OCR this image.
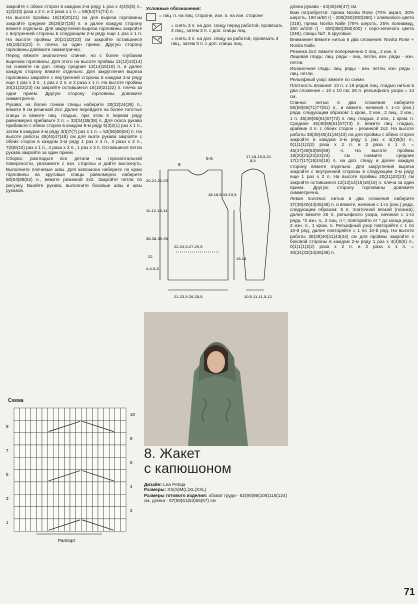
закройте с обеих сторон в каждом 2-м ряду 1 раз х 4(4)5(5) п., 1(2)2(3) раза х 2 п. и 3 раза х 1 п. = 59(64)71(74) п.

На высоте проймы 18(19)20(21) см для выреза горловины закройте средние 25(26)27(28) п. и далее каждую сторону вяжите отдельно. Для закругления выреза горловины закройте с внутренней стороны в следующем 2-м ряду еще 1 раз х 1 п. На высоте проймы 20(21)22(23) см закройте оставшиеся 16(18)21(22) п. плеча за один прием. Другую сторону горловины довяжите симметрично.

Перед вяжите аналогично спинке, но с более глубоким вырезом горловины. Для этого на высоте проймы 11(12)13(14) см снимите на доп. спицу средние 13(14)15(16) п. и далее каждую сторону вяжите отдельно. Для закругления выреза горловины закройте с внутренней стороны в каждом 2-м ряду еще 1 раз х 3 п., 1 раз х 2 п. и 2 раза х 1 п. На высоте проймы 20(21)22(23) см закройте оставшиеся 16(18)21(22) п. плеча за один прием. Другую сторону горловины довяжите симметрично.

Рукава: на более тонкие спицы наберите 30(32)34(36) п., вяжите 9 см резинкой 2х2. Далее перейдите на более толстые спицы и вяжите лиц. гладью, при этом в первом ряду равномерно прибавьте 2 п. = 32(34)36(38) п. Для скоса рукава прибавьте с обеих сторон в каждом 8-м ряду 5(3)2(1) раз х 1 п., затем в каждом 4-м ряду 3(5)7(7) раз х 1 п. = 52(56)60(64) п. На высоте работы 45(46)47(48) см для оката рукава закройте с обеих сторон в каждом 2-м ряду 1 раз х 4 п., 3 раза х 2 п., 7(8)9(10) раз х 1 п., 4 раза х 2 п., 1 раз х 3 п. Оставшиеся петли рукава закройте за один прием.

Сборка: разгладьте все детали на горизонтальной поверхности, увлажните с изн. стороны и дайте высохнуть. Выполните плечевые швы. Для капюшона наберите по краю горловины на круговые спицы равномерно наберите 80(84)88(92) п., вяжите резинкой 2х2. Закройте петли по рисунку. Вшейте рукава, выполните боковые швы и швы рукавов.

Условные обозначения:
= лиц. п. на лиц. стороне, изн. п. на изн. стороне
= снять 3 п. на доп. спицу перед работой, провязать 3 лиц., затем 3 п. с доп. спицы лиц.
= снять 3 п. на доп. спицу за работой, провязать 3 лиц., затем 3 п. с доп. спицы лиц.
8
5-6	17-18-19,5-21
22-24,5-27-29,5
21-23,5-26-28,5
18-18,5-19-19,5
11-12-13-14
8,5
13-14
10,5-11-11,5-12
38-38-39-39
22
4-4-5-5
20-21-22-23
8. Жакет
с капюшоном

Дизайн: Lea Petaja

Размеры: XS(S)M(L)XL(XXL)

Размеры готового изделия: обхват груди - 82(90)98(106)116(124) см, длина - 57(59)61(63)65(67) см

Схема
10
8
6
4
2
9
7
5
3
1
Раппорт

длина рукава - 44(45)46(47) см.

Вам потребуется: пряжа Novita Rose (70% акрил, 30% шерсть, 190 м/50 г) - 200(250)300(350) г оливкового цвета (319), пряжа Novita Nalle (75% шерсть, 25% полиамид, 250 м/100 г) - 300(350)350(400) г серо-зеленого цвета (348), спицы №7, 6 круговые.

Внимание! Вяжите нитью в два сложения: Novita Rose + Novita Nalle.

Резинка 2х2: вяжите попеременно 2 лиц., 2 изн. п.

Лицевая гладь: лиц. ряды - лиц. петли, изн. ряды - изн. петли.

Изнаночная гладь: лиц. ряды - изн. петли, изн. ряды - лиц. петли.

Рельефный узор: вяжите по схеме.

Плотность вязания: 13 п. х 19 рядов лиц. гладью нитью в два сложения = 10 х 10 см; 26 п. рельефного узора = 14 см.

Спинка: нитью в два сложения наберите 55(59)65(71)77(81) п., и вяжите, начиная с 1-го (изн.) ряда, следующим образом: 1 кром., 2 изн., 2 лиц., 2 изн., 1 п. 45(49)55(61)67(73) п. лиц. гладью, 2 изн., 1 кром. п. Средние 45(49)55(61)67(73) п. вяжите лиц. гладью, крайние 4 п. с обеих сторон - резинкой 2х2. На высоте работы 38(39)40(41)44(43) см для проймы с обеих сторон закройте в каждом 2-м ряду 1 раз х 4(4)5(5) п., 0(1)1(1)2(2) раза х 2 п. и 3 раза х 1 п. = 45(47)49(53)55(59) п. На высоте проймы 19(20)21(22)23(24) см снимите средние 17(17)17(19)19(19) п. на доп. спицу и далее каждую сторону вяжите отдельно. Для закругления выреза закройте с внутренней стороны в следующем 2-м ряду еще 1 раз х 2 п. На высоте проймы 20(21)22(23) см закройте оставшиеся 12(13)14(15)16(18) п. плеча за один прием. Другую сторону горловины довяжите симметрично.

Левая полочка: нитью в два сложения наберите 37(39)40(43)45(49) п. и вяжите, начиная с 1-го (изн.) ряда, следующим образом: 6 п. платочной вязкой (планка), далее вяжите 26 п. рельефного узора, начиная с 1-го ряда, *2 изн. п., 2 лиц. п.*, повторяйте от * до конца ряда, 2 изн. п., 1 кром. п. Рельефный узор повторяйте с 1 по 10-й ряд, далее повторяйте с 1 по 10-й ряд. На высоте работы 38(39)40(41)43(44) см для проймы закройте с боковой стороны в каждом 2-м ряду 1 раз х 4(4)5(5) п., 0(1)1(1)2(2) раза х 2 п. и 3 раза х 1 п. = 30(31)32(34)36(38) п.

71
